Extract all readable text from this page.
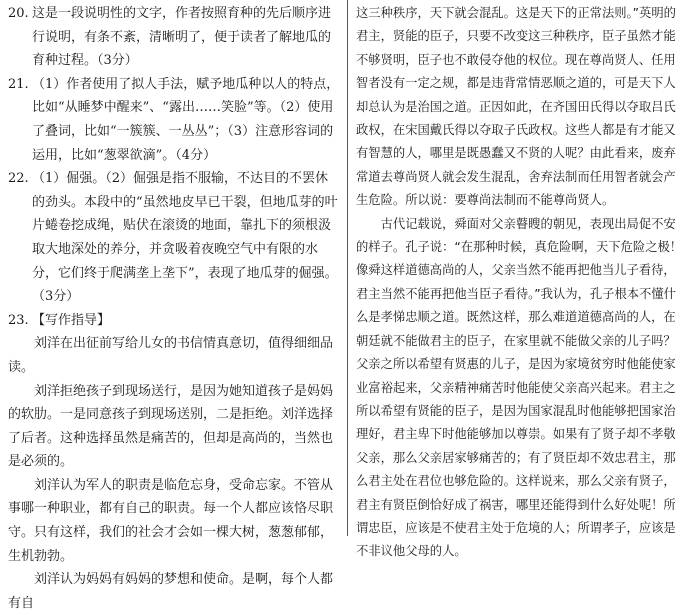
20. 这是一段说明性的文字，作者按照育种的先后顺序进行说明，有条不紊，清晰明了，便于读者了解地瓜的育种过程。（3分）

21. （1）作者使用了拟人手法，赋予地瓜种以人的特点，比如“从睡梦中醒来”、“露出……笑脸”等。（2）使用了叠词，比如“一簇簇、一丛丛”；（3）注意形容词的运用，比如“葱翠欲滴”。（4分）

22. （1）倔强。（2）倔强是指不服输，不达目的不罢休的劲头。本段中的“虽然地皮早已干裂，但地瓜芽的叶片蜷卷挖成绳，贴伏在滚烫的地面，靠扎下的须根汲取大地深处的养分，并贪吸着夜晚空气中有限的水分，它们终于爬满垄上垄下”，表现了地瓜芽的倔强。（3分）

23. 【写作指导】

刘洋在出征前写给儿女的书信情真意切，值得细细品读。

刘洋拒绝孩子到现场送行，是因为她知道孩子是妈妈的软肋。一是同意孩子到现场送别，二是拒绝。刘洋选择了后者。这种选择虽然是痛苦的，但却是高尚的，当然也是必须的。

刘洋认为军人的职责是临危忘身，受命忘家。不管从事哪一种职业，都有自己的职责。每一个人都应该恪尽职守。只有这样，我们的社会才会如一棵大树，葱葱郁郁，生机勃勃。

刘洋认为妈妈有妈妈的梦想和使命。是啊，每个人都有自

这三种秩序，天下就会混乱。这是天下的正常法则。”英明的君主，贤能的臣子，只要不改变这三种秩序，臣子虽然才能不够贤明，臣子也不敢侵夺他的权位。现在尊尚贤人、任用智者没有一定之规，都是违背常情恶顺之道的，可是天下人却总认为是治国之道。正因如此，在齐国田氏得以夺取吕氏政权，在宋国戴氏得以夺取子氏政权。这些人都是有才能又有智慧的人，哪里是既愚蠢又不贤的人呢？由此看来，废弃常道去尊尚贤人就会发生混乱，舍弃法制而任用智者就会产生危险。所以说：要尊尚法制而不能尊尚贤人。

古代记载说，舜面对父亲瞽瞍的朝见，表现出局促不安的样子。孔子说：“在那种时候，真危险啊，天下危险之极！像舜这样道德高尚的人，父亲当然不能再把他当儿子看待，君主当然不能再把他当臣子看待。”我认为，孔子根本不懂什么是孝悌忠顺之道。既然这样，那么难道道德高尚的人，在朝廷就不能做君主的臣子，在家里就不能做父亲的儿子吗？父亲之所以希望有贤惠的儿子，是因为家境贫穷时他能使家业富裕起来，父亲精神痛苦时他能使父亲高兴起来。君主之所以希望有贤能的臣子，是因为国家混乱时他能够把国家治理好，君主卑下时他能够加以尊崇。如果有了贤子却不孝敬父亲，那么父亲居家够痛苦的；有了贤臣却不效忠君主，那么君主处在君位也够危险的。这样说来，那么父亲有贤子，君主有贤臣倒恰好成了祸害，哪里还能得到什么好处呢！所谓忠臣，应该是不使君主处于危境的人；所谓孝子，应该是不非议他父母的人。
